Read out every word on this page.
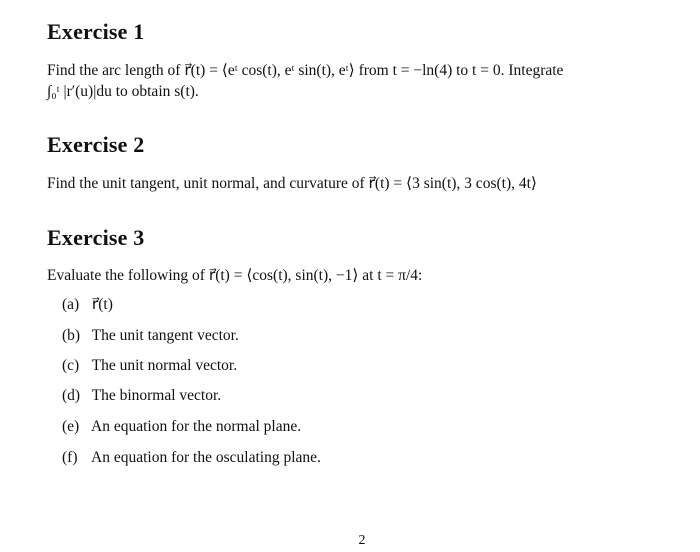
Exercise 1
Find the arc length of r⃗(t) = ⟨eᵗ cos(t), eᵗ sin(t), eᵗ⟩ from t = −ln(4) to t = 0. Integrate
∫₀ᵗ |r′(u)|du to obtain s(t).
Exercise 2
Find the unit tangent, unit normal, and curvature of r⃗(t) = ⟨3 sin(t), 3 cos(t), 4t⟩
Exercise 3
Evaluate the following of r⃗(t) = ⟨cos(t), sin(t), −1⟩ at t = π/4:
(a) r⃗(t)
(b) The unit tangent vector.
(c) The unit normal vector.
(d) The binormal vector.
(e) An equation for the normal plane.
(f) An equation for the osculating plane.
2
